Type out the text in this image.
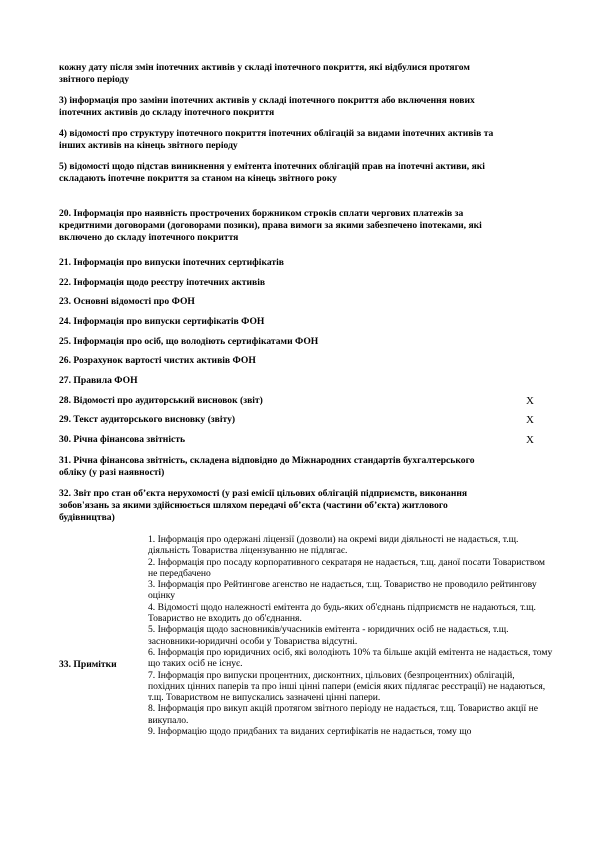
кожну дату після змін іпотечних активів у складі іпотечного покриття, які відбулися протягом звітного періоду
3) інформація про заміни іпотечних активів у складі іпотечного покриття або включення нових іпотечних активів до складу іпотечного покриття
4) відомості про структуру іпотечного покриття іпотечних облігацій за видами іпотечних активів та інших активів на кінець звітного періоду
5) відомості щодо підстав виникнення у емітента іпотечних облігацій прав на іпотечні активи, які складають іпотечне покриття за станом на кінець звітного року
20. Інформація про наявність прострочених боржником строків сплати чергових платежів за кредитними договорами (договорами позики), права вимоги за якими забезпечено іпотеками, які включено до складу іпотечного покриття
21. Інформація про випуски іпотечних сертифікатів
22. Інформація щодо реєстру іпотечних активів
23. Основні відомості про ФОН
24. Інформація про випуски сертифікатів ФОН
25. Інформація про осіб, що володіють сертифікатами ФОН
26. Розрахунок вартості чистих активів ФОН
27. Правила ФОН
28. Відомості про аудиторський висновок (звіт)	X
29. Текст аудиторського висновку (звіту)	X
30. Річна фінансова звітність	X
31. Річна фінансова звітність, складена відповідно до Міжнародних стандартів бухгалтерського обліку (у разі наявності)
32. Звіт про стан об’єкта нерухомості (у разі емісії цільових облігацій підприємств, виконання зобов'язань за якими здійснюється шляхом передачі об’єкта (частини об’єкта) житлового будівництва)
33. Примітки
1. Інформація про одержані ліцензії (дозволи) на окремі види діяльності не надається, т.щ. діяльність Товариства ліцензуванню не підлягає.
2. Інформація про посаду корпоративного секратаря не надається, т.щ. даної посати Товариством не передбачено
3. Інформація про Рейтингове агенство не надається, т.щ. Товариство не проводило рейтингову оцінку
4. Відомості щодо належності емітента до будь-яких об'єднань підприємств не надаються, т.щ. Товариство не входить до об'єднання.
5. Інформація щодо засновників/учасників емітента - юридичних осіб не надається, т.щ. засновники-юридичні особи у Товариства відсутні.
6. Інформація про юридичних осіб, які володіють 10% та більше акцій емітента не надається, тому що таких осіб не існує.
7. Інформація про випуски процентних, дисконтних, цільових (безпроцентних) облігацій, похідних цінних паперів та про інші цінні папери (емісія яких підлягає реєстрації) не надаються, т.щ. Товариством не випускались зазначені цінні папери.
8. Інформація про викуп акцій протягом звітного періоду не надається, т.щ. Товариство акції не викупало.
9. Інформацію щодо придбаних та виданих сертифікатів не надається, тому що
